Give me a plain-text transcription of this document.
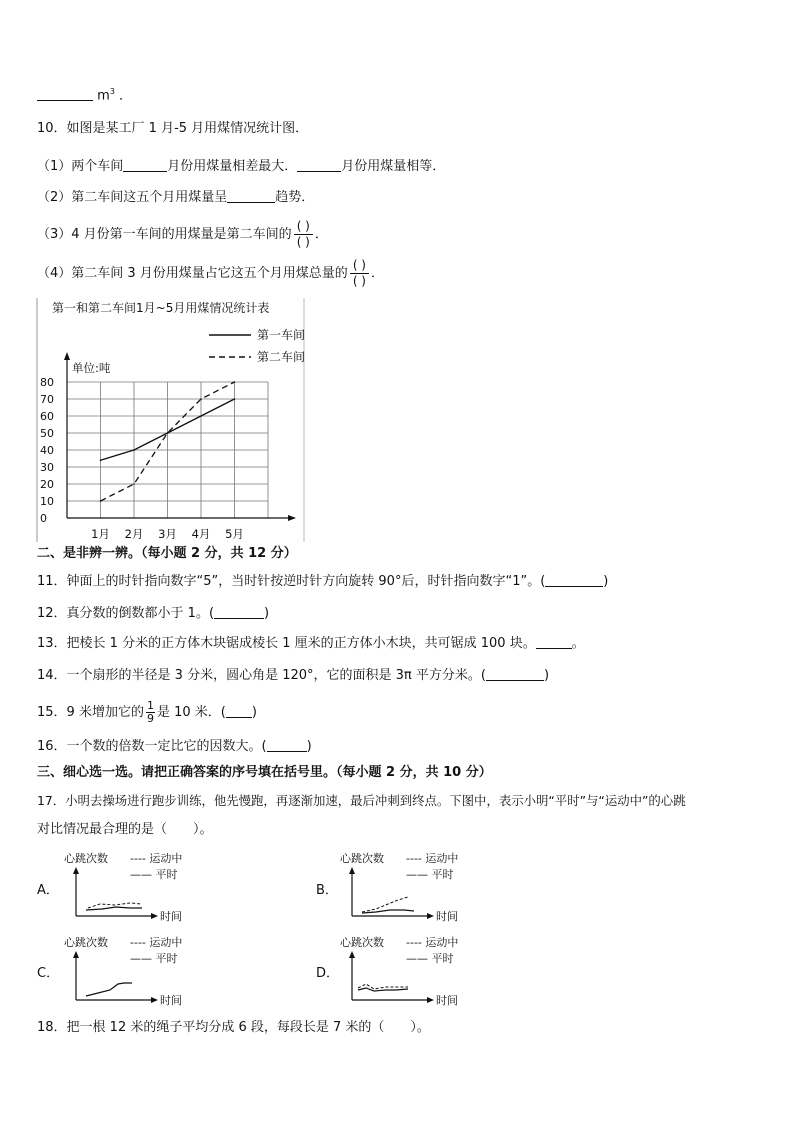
$m^3$ ．
10．如图是某工厂 1 月-5 月用煤情况统计图．
（1）两个车间	月份用煤量相差最大．	月份用煤量相等．
（2）第二车间这五个月用煤量呈	趋势．
（3）4 月份第一车间的用煤量是第二车间的 $\frac{( )}{( )}$ ．
（4）第二车间 3 月份用煤量占它这五个月用煤总量的 $\frac{( )}{( )}$ ．
第一和第二车间1月~5月用煤情况统计表
第一车间
第二车间
单位:吨
0
10
20
30
40
50
60
70
80
1月 2月 3月 4月 5月
二、是非辨一辨。（每小题 2 分，共 12 分）
11．钟面上的时针指向数字“5”，当时针按逆时针方向旋转 90°后，时针指向数字“1”。(	)
12．真分数的倒数都小于 1。(	)
13．把棱长 1 分米的正方体木块锯成棱长 1 厘米的正方体小木块，共可锯成 100 块。	。
14．一个扇形的半径是 3 分米，圆心角是 120°，它的面积是 3π 平方分米。(	)
15．9 米增加它的 $\frac{1}{9}$ 是 10 米．( )
16．一个数的倍数一定比它的因数大。(	)
三、细心选一选。请把正确答案的序号填在括号里。（每小题 2 分，共 10 分）
17．小明去操场进行跑步训练，他先慢跑，再逐渐加速，最后冲刺到终点。下图中，表示小明“平时”与“运动中”的心跳
对比情况最合理的是（　　）。
A．	B．
C．	D．
心跳次数 ---- 运动中
—— 平时
时间
心跳次数 ---- 运动中
—— 平时
时间
心跳次数 ---- 运动中
—— 平时
时间
心跳次数 ---- 运动中
—— 平时
时间
18．把一根 12 米的绳子平均分成 6 段，每段长是 7 米的（　　）。
